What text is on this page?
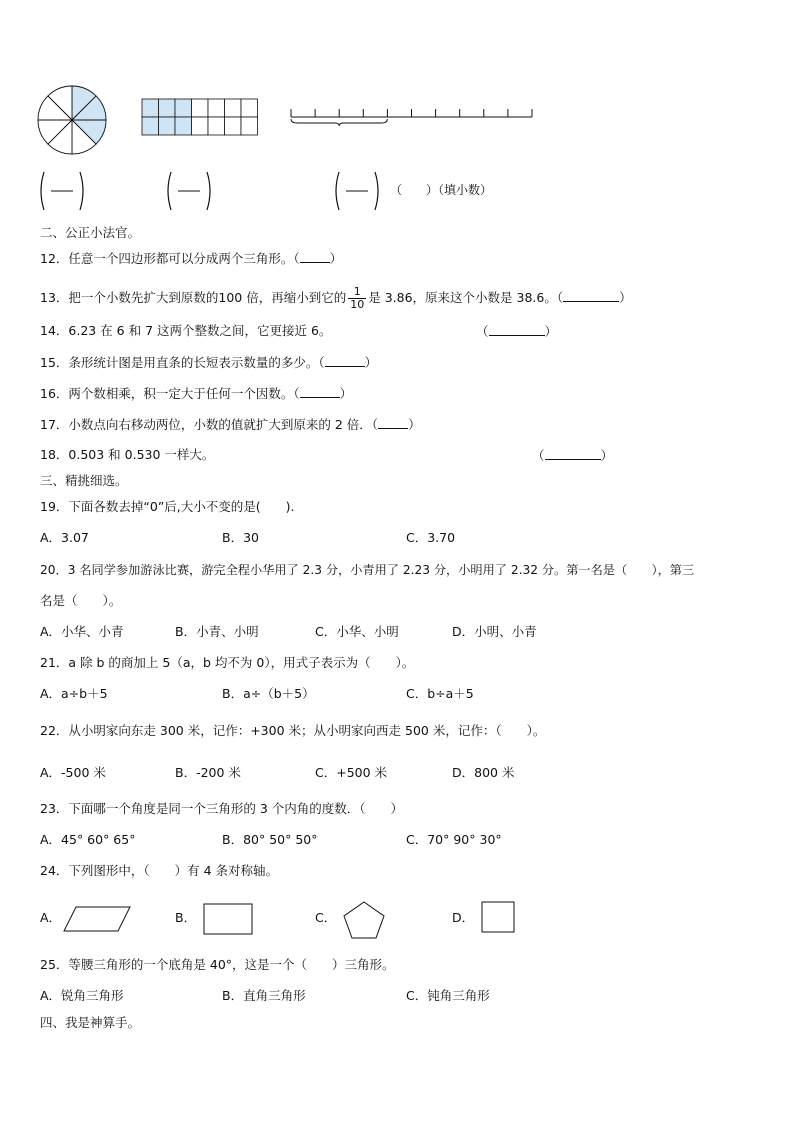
（　　）（填小数）
二、公正小法官。
12．任意一个四边形都可以分成两个三角形。（ ）
13．把一个小数先扩大到原数的100 倍，再缩小到它的 $\frac{1}{10}$ 是 3.86，原来这个小数是 38.6。（	）
14．6.23 在 6 和 7 这两个整数之间，它更接近 6。	（	）
15．条形统计图是用直条的长短表示数量的多少。（	）
16．两个数相乘，积一定大于任何一个因数。（	）
17．小数点向右移动两位，小数的值就扩大到原来的 2 倍．（ ）
18．0.503 和 0.530 一样大。	（	）
三、精挑细选。
19．下面各数去掉“0”后,大小不变的是(　　).
A．3.07	B．30	C．3.70
20．3 名同学参加游泳比赛，游完全程小华用了 2.3 分，小青用了 2.23 分，小明用了 2.32 分。第一名是（　　），第三
名是（　　）。
A．小华、小青	B．小青、小明	C．小华、小明	D．小明、小青
21．a 除 b 的商加上 5（a，b 均不为 0），用式子表示为（　　）。
A．a÷b＋5	B．a÷（b＋5）	C．b÷a＋5
22．从小明家向东走 300 米，记作：+300 米；从小明家向西走 500 米，记作：（　　）。
A．-500 米	B．-200 米	C．+500 米	D．800 米
23．下面哪一个角度是同一个三角形的 3 个内角的度数．（　　）
A．45° 60° 65°	B．80° 50° 50°	C．70° 90° 30°
24．下列图形中，（　　）有 4 条对称轴。
A．	B．	C．	D．
25．等腰三角形的一个底角是 40°，这是一个（　　）三角形。
A．锐角三角形	B．直角三角形	C．钝角三角形
四、我是神算手。
